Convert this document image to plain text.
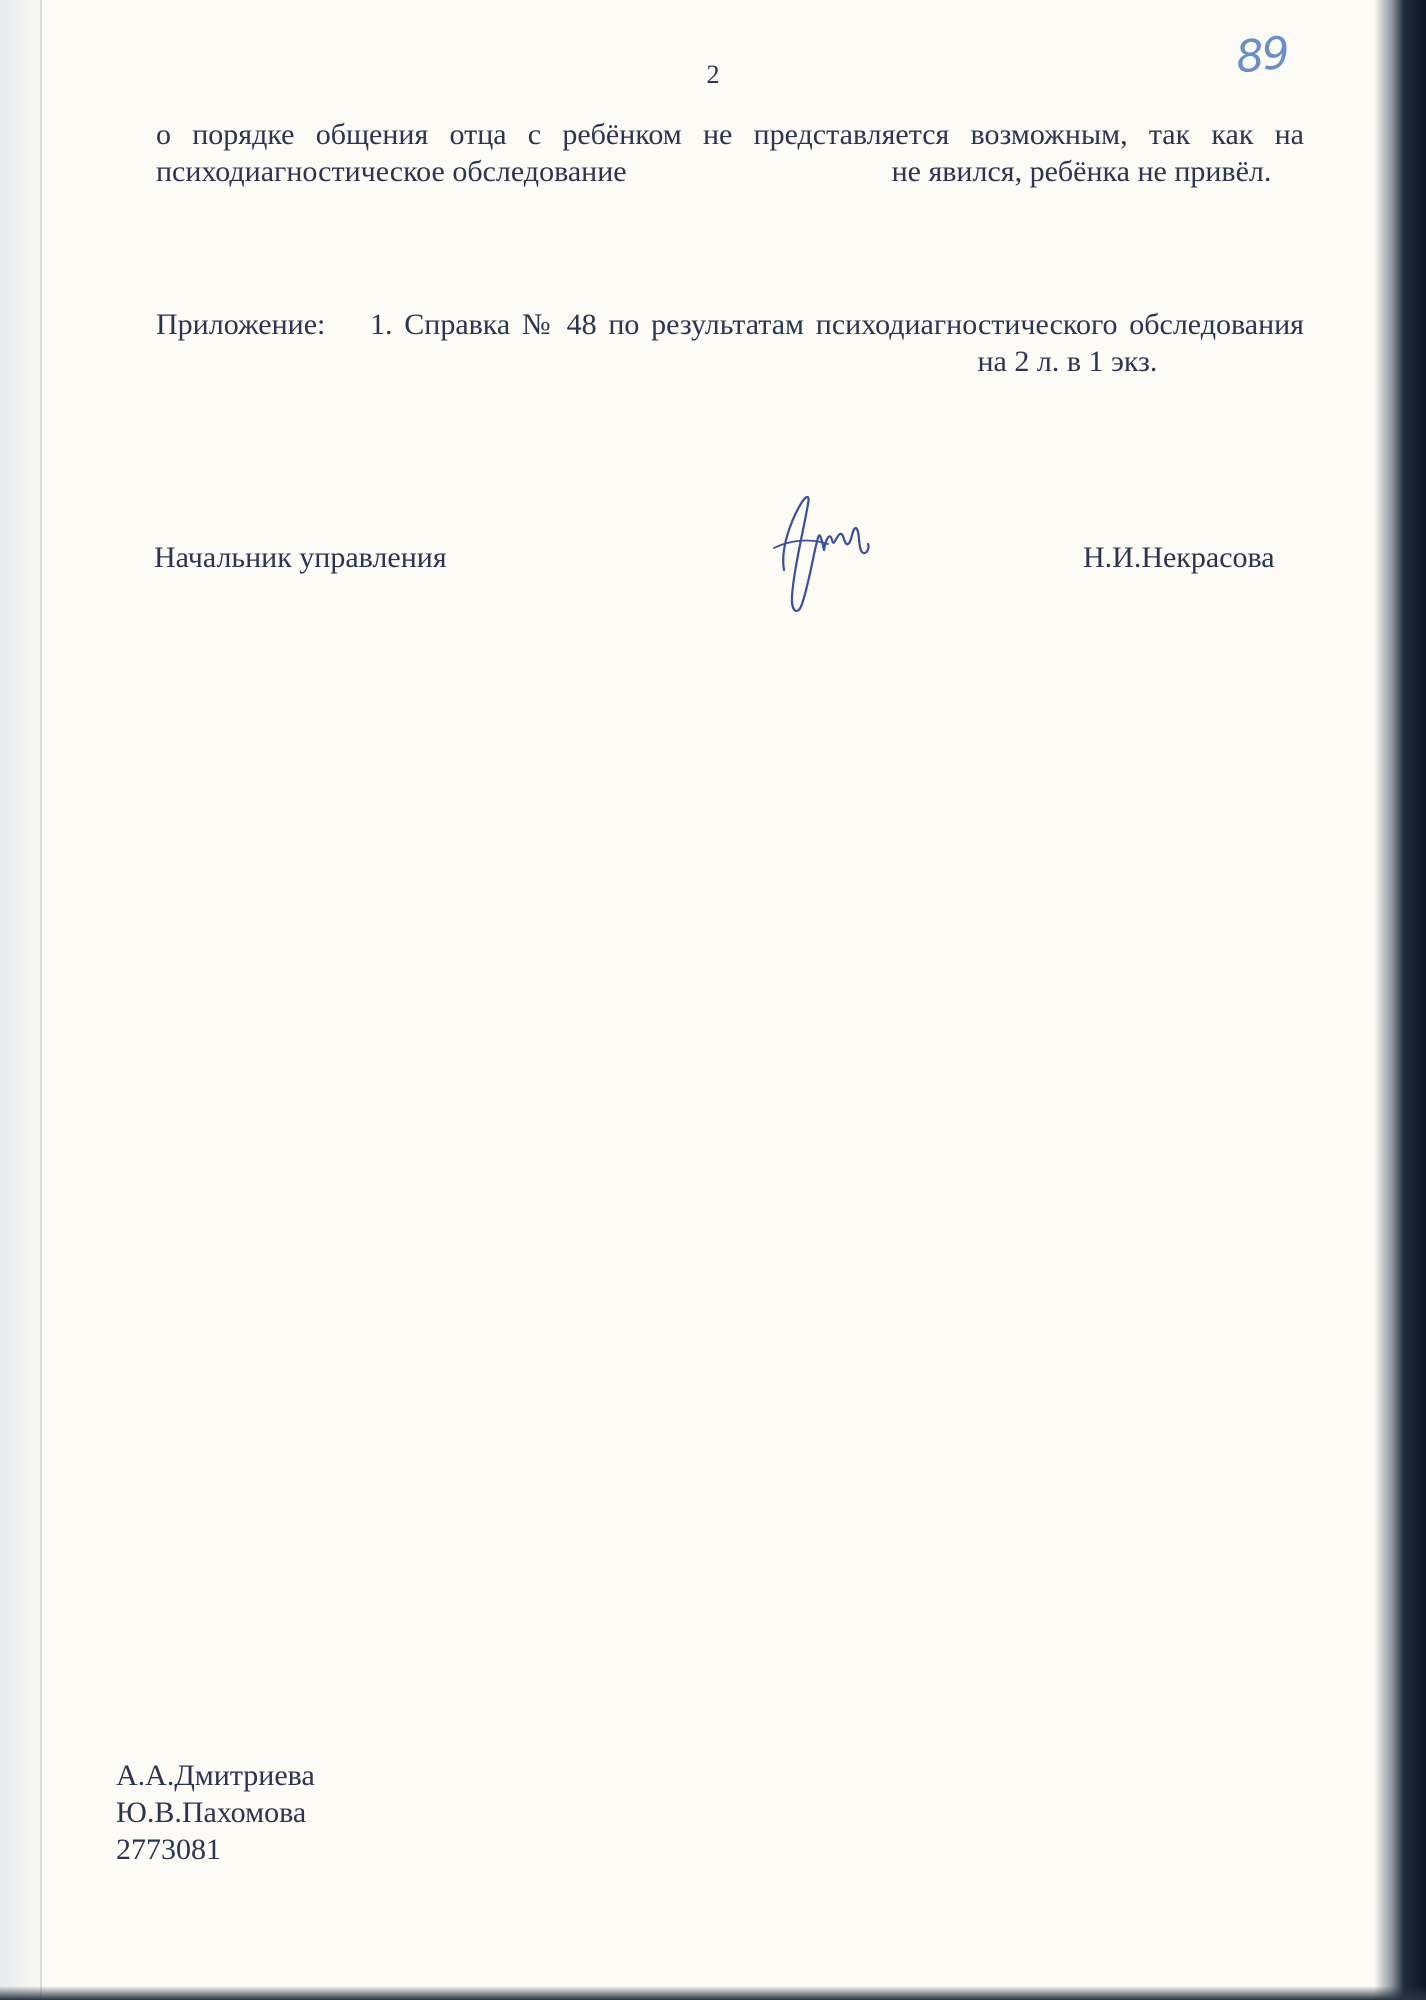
2	89

о порядке общения отца с ребёнком не представляется возможным, так как на психодиагностическое обследование	не явился, ребёнка не привёл.

Приложение:	1. Справка № 48 по результатам психодиагностического обследования  на 2 л. в 1 экз.

Начальник управления	Н.И.Некрасова
А.А.Дмитриева
Ю.В.Пахомова
2773081
